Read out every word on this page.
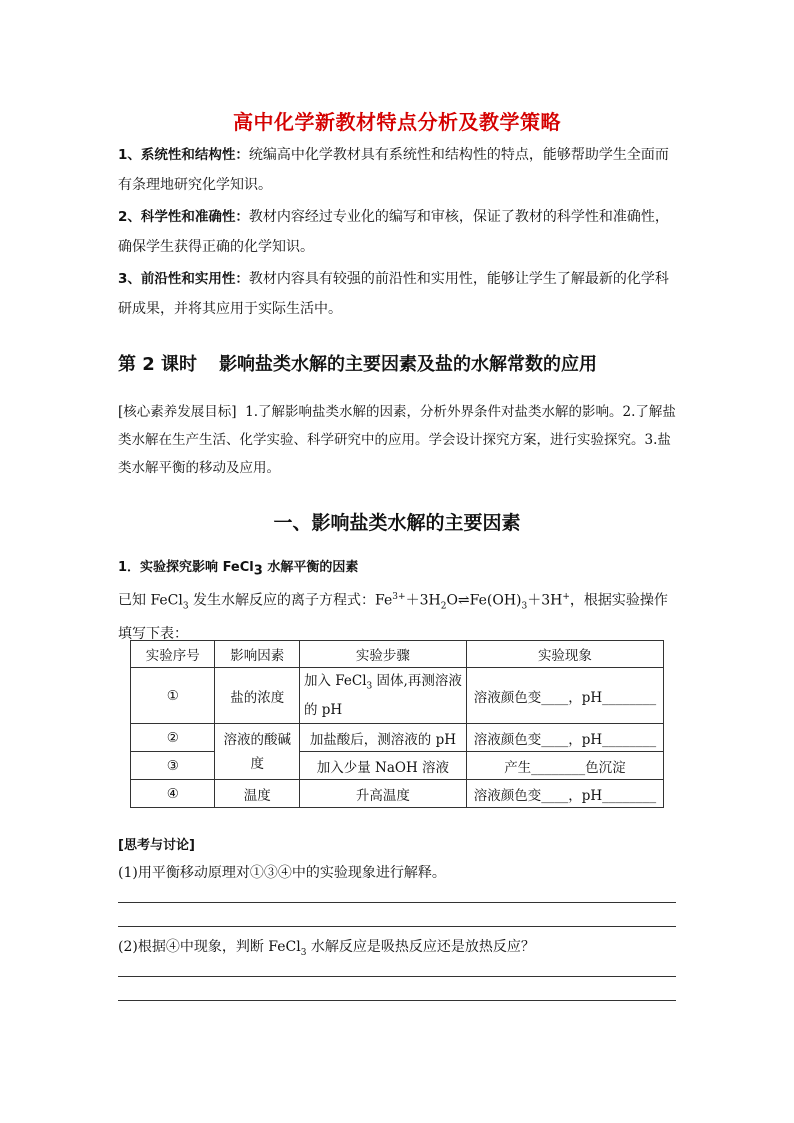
高中化学新教材特点分析及教学策略
1、系统性和结构性：统编高中化学教材具有系统性和结构性的特点，能够帮助学生全面而有条理地研究化学知识。
2、科学性和准确性：教材内容经过专业化的编写和审核，保证了教材的科学性和准确性，确保学生获得正确的化学知识。
3、前沿性和实用性：教材内容具有较强的前沿性和实用性，能够让学生了解最新的化学科研成果，并将其应用于实际生活中。
第 2 课时 影响盐类水解的主要因素及盐的水解常数的应用
[核心素养发展目标] 1.了解影响盐类水解的因素，分析外界条件对盐类水解的影响。2.了解盐类水解在生产生活、化学实验、科学研究中的应用。学会设计探究方案，进行实验探究。3.盐类水解平衡的移动及应用。
一、影响盐类水解的主要因素
1．实验探究影响 FeCl$_3$ 水解平衡的因素
已知 FeCl$_3$ 发生水解反应的离子方程式：$Fe^{3+}+3H_2O\rightleftharpoons Fe(OH)_3+3H^+$，根据实验操作填写下表：
实验序号	影响因素	实验步骤	实验现象
①	盐的浓度	加入 FeCl$_3$ 固体,再测溶液的 pH	溶液颜色变____，pH________
②	溶液的酸碱度	加盐酸后，测溶液的 pH	溶液颜色变____，pH________
③		加入少量 NaOH 溶液	产生________色沉淀
④	温度	升高温度	溶液颜色变____，pH________
[思考与讨论]
(1)用平衡移动原理对①③④中的实验现象进行解释。
(2)根据④中现象，判断 FeCl$_3$ 水解反应是吸热反应还是放热反应？
